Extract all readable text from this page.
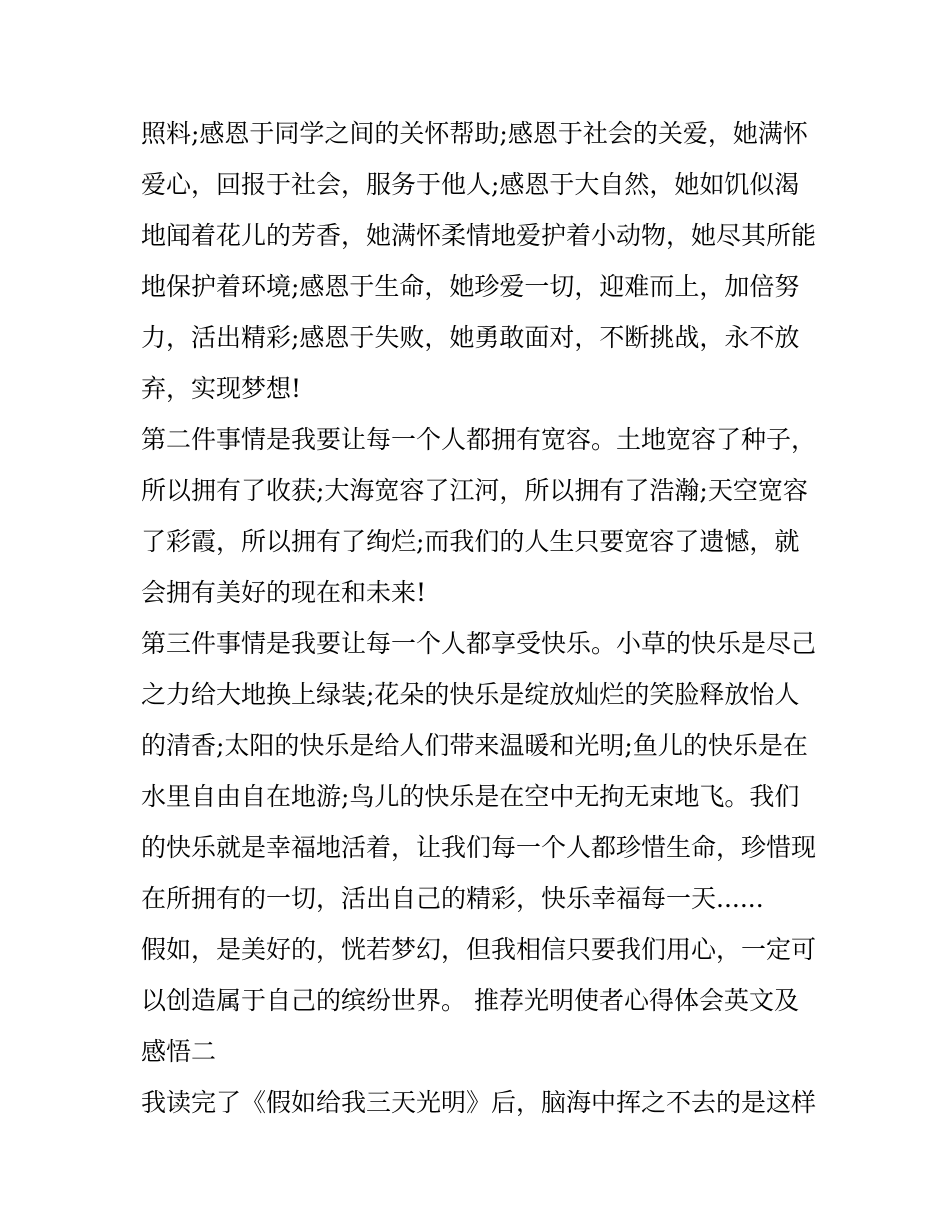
照料;感恩于同学之间的关怀帮助;感恩于社会的关爱，她满怀
爱心，回报于社会，服务于他人;感恩于大自然，她如饥似渴
地闻着花儿的芳香，她满怀柔情地爱护着小动物，她尽其所能
地保护着环境;感恩于生命，她珍爱一切，迎难而上，加倍努
力，活出精彩;感恩于失败，她勇敢面对，不断挑战，永不放
弃，实现梦想!
第二件事情是我要让每一个人都拥有宽容。土地宽容了种子，
所以拥有了收获;大海宽容了江河，所以拥有了浩瀚;天空宽容
了彩霞，所以拥有了绚烂;而我们的人生只要宽容了遗憾，就
会拥有美好的现在和未来!
第三件事情是我要让每一个人都享受快乐。小草的快乐是尽己
之力给大地换上绿装;花朵的快乐是绽放灿烂的笑脸释放怡人
的清香;太阳的快乐是给人们带来温暖和光明;鱼儿的快乐是在
水里自由自在地游;鸟儿的快乐是在空中无拘无束地飞。我们
的快乐就是幸福地活着，让我们每一个人都珍惜生命，珍惜现
在所拥有的一切，活出自己的精彩，快乐幸福每一天......
假如，是美好的，恍若梦幻，但我相信只要我们用心，一定可
以创造属于自己的缤纷世界。 推荐光明使者心得体会英文及
感悟二
我读完了《假如给我三天光明》后，脑海中挥之不去的是这样
